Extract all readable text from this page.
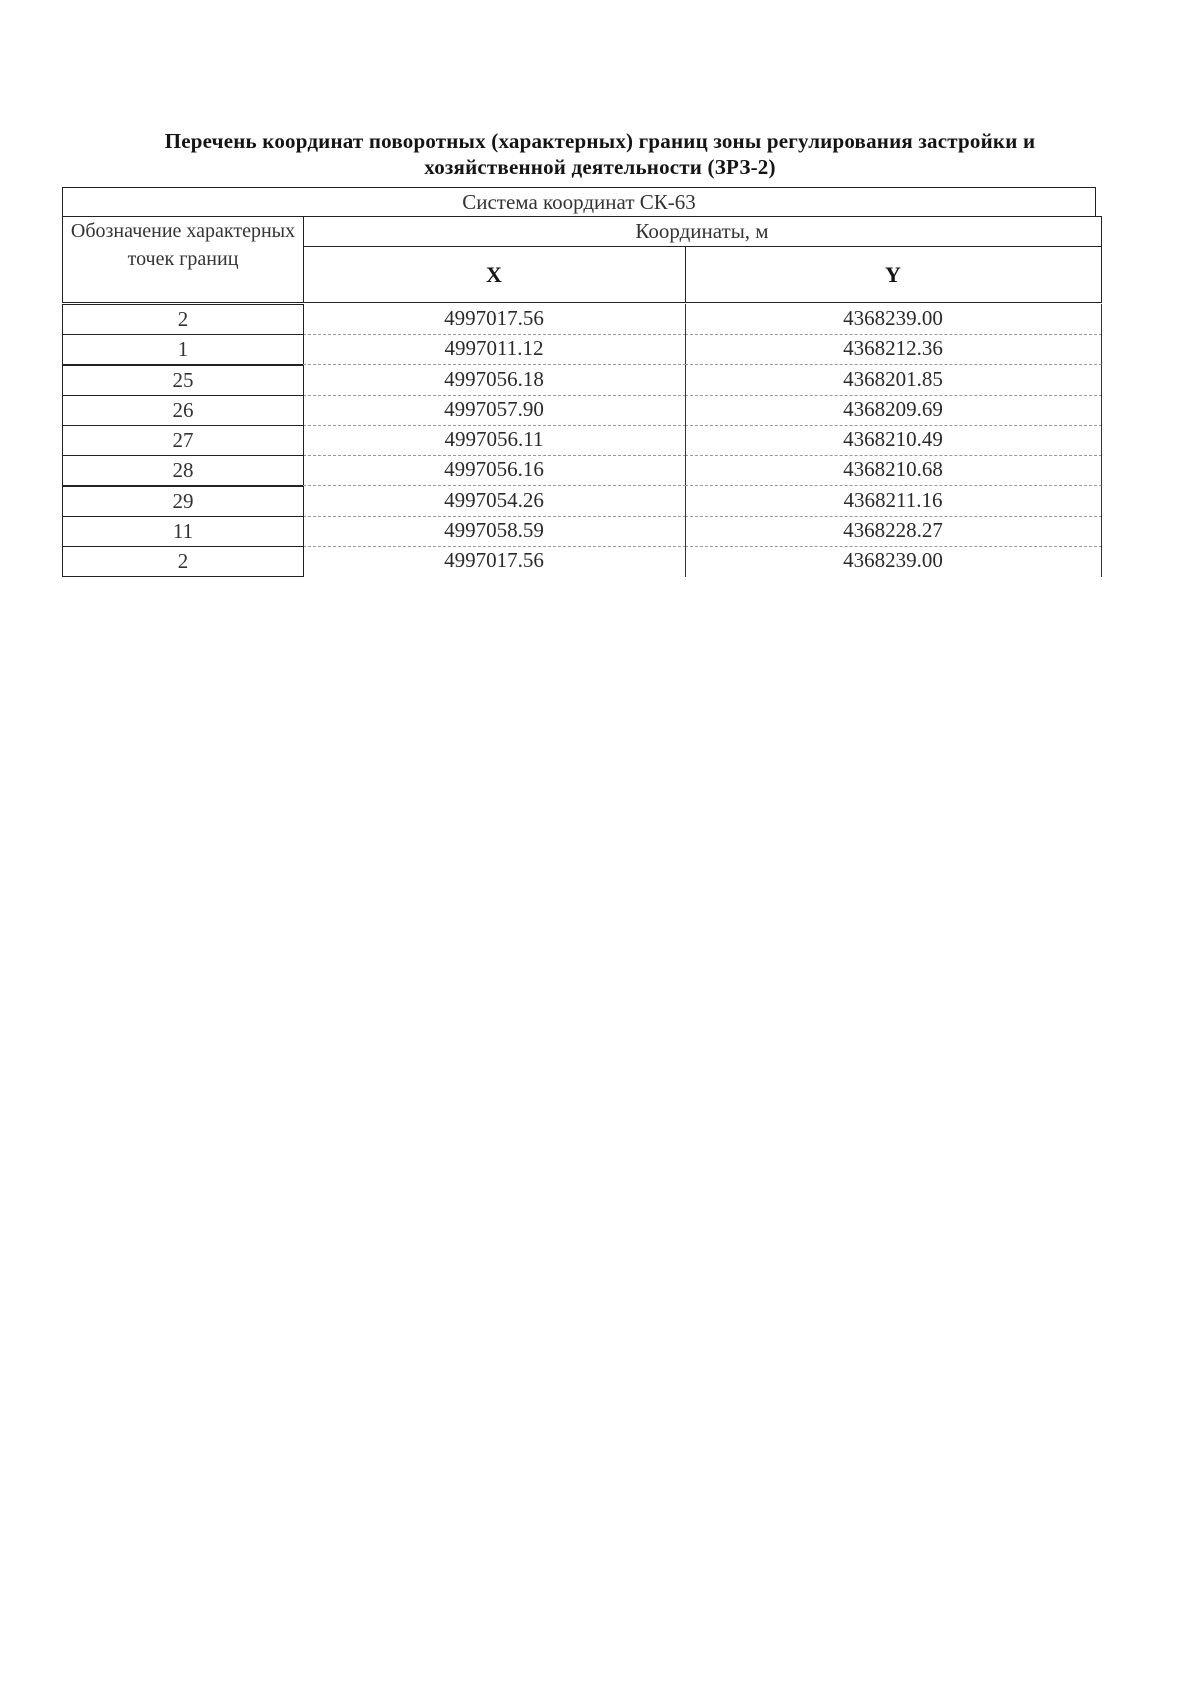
Перечень координат поворотных (характерных) границ зоны регулирования застройки и
хозяйственной деятельности (ЗРЗ-2)
Система координат СК-63
Обозначение характерных точек границ
Координаты, м
X	Y
2	4997017.56	4368239.00
1	4997011.12	4368212.36
25	4997056.18	4368201.85
26	4997057.90	4368209.69
27	4997056.11	4368210.49
28	4997056.16	4368210.68
29	4997054.26	4368211.16
11	4997058.59	4368228.27
2	4997017.56	4368239.00
